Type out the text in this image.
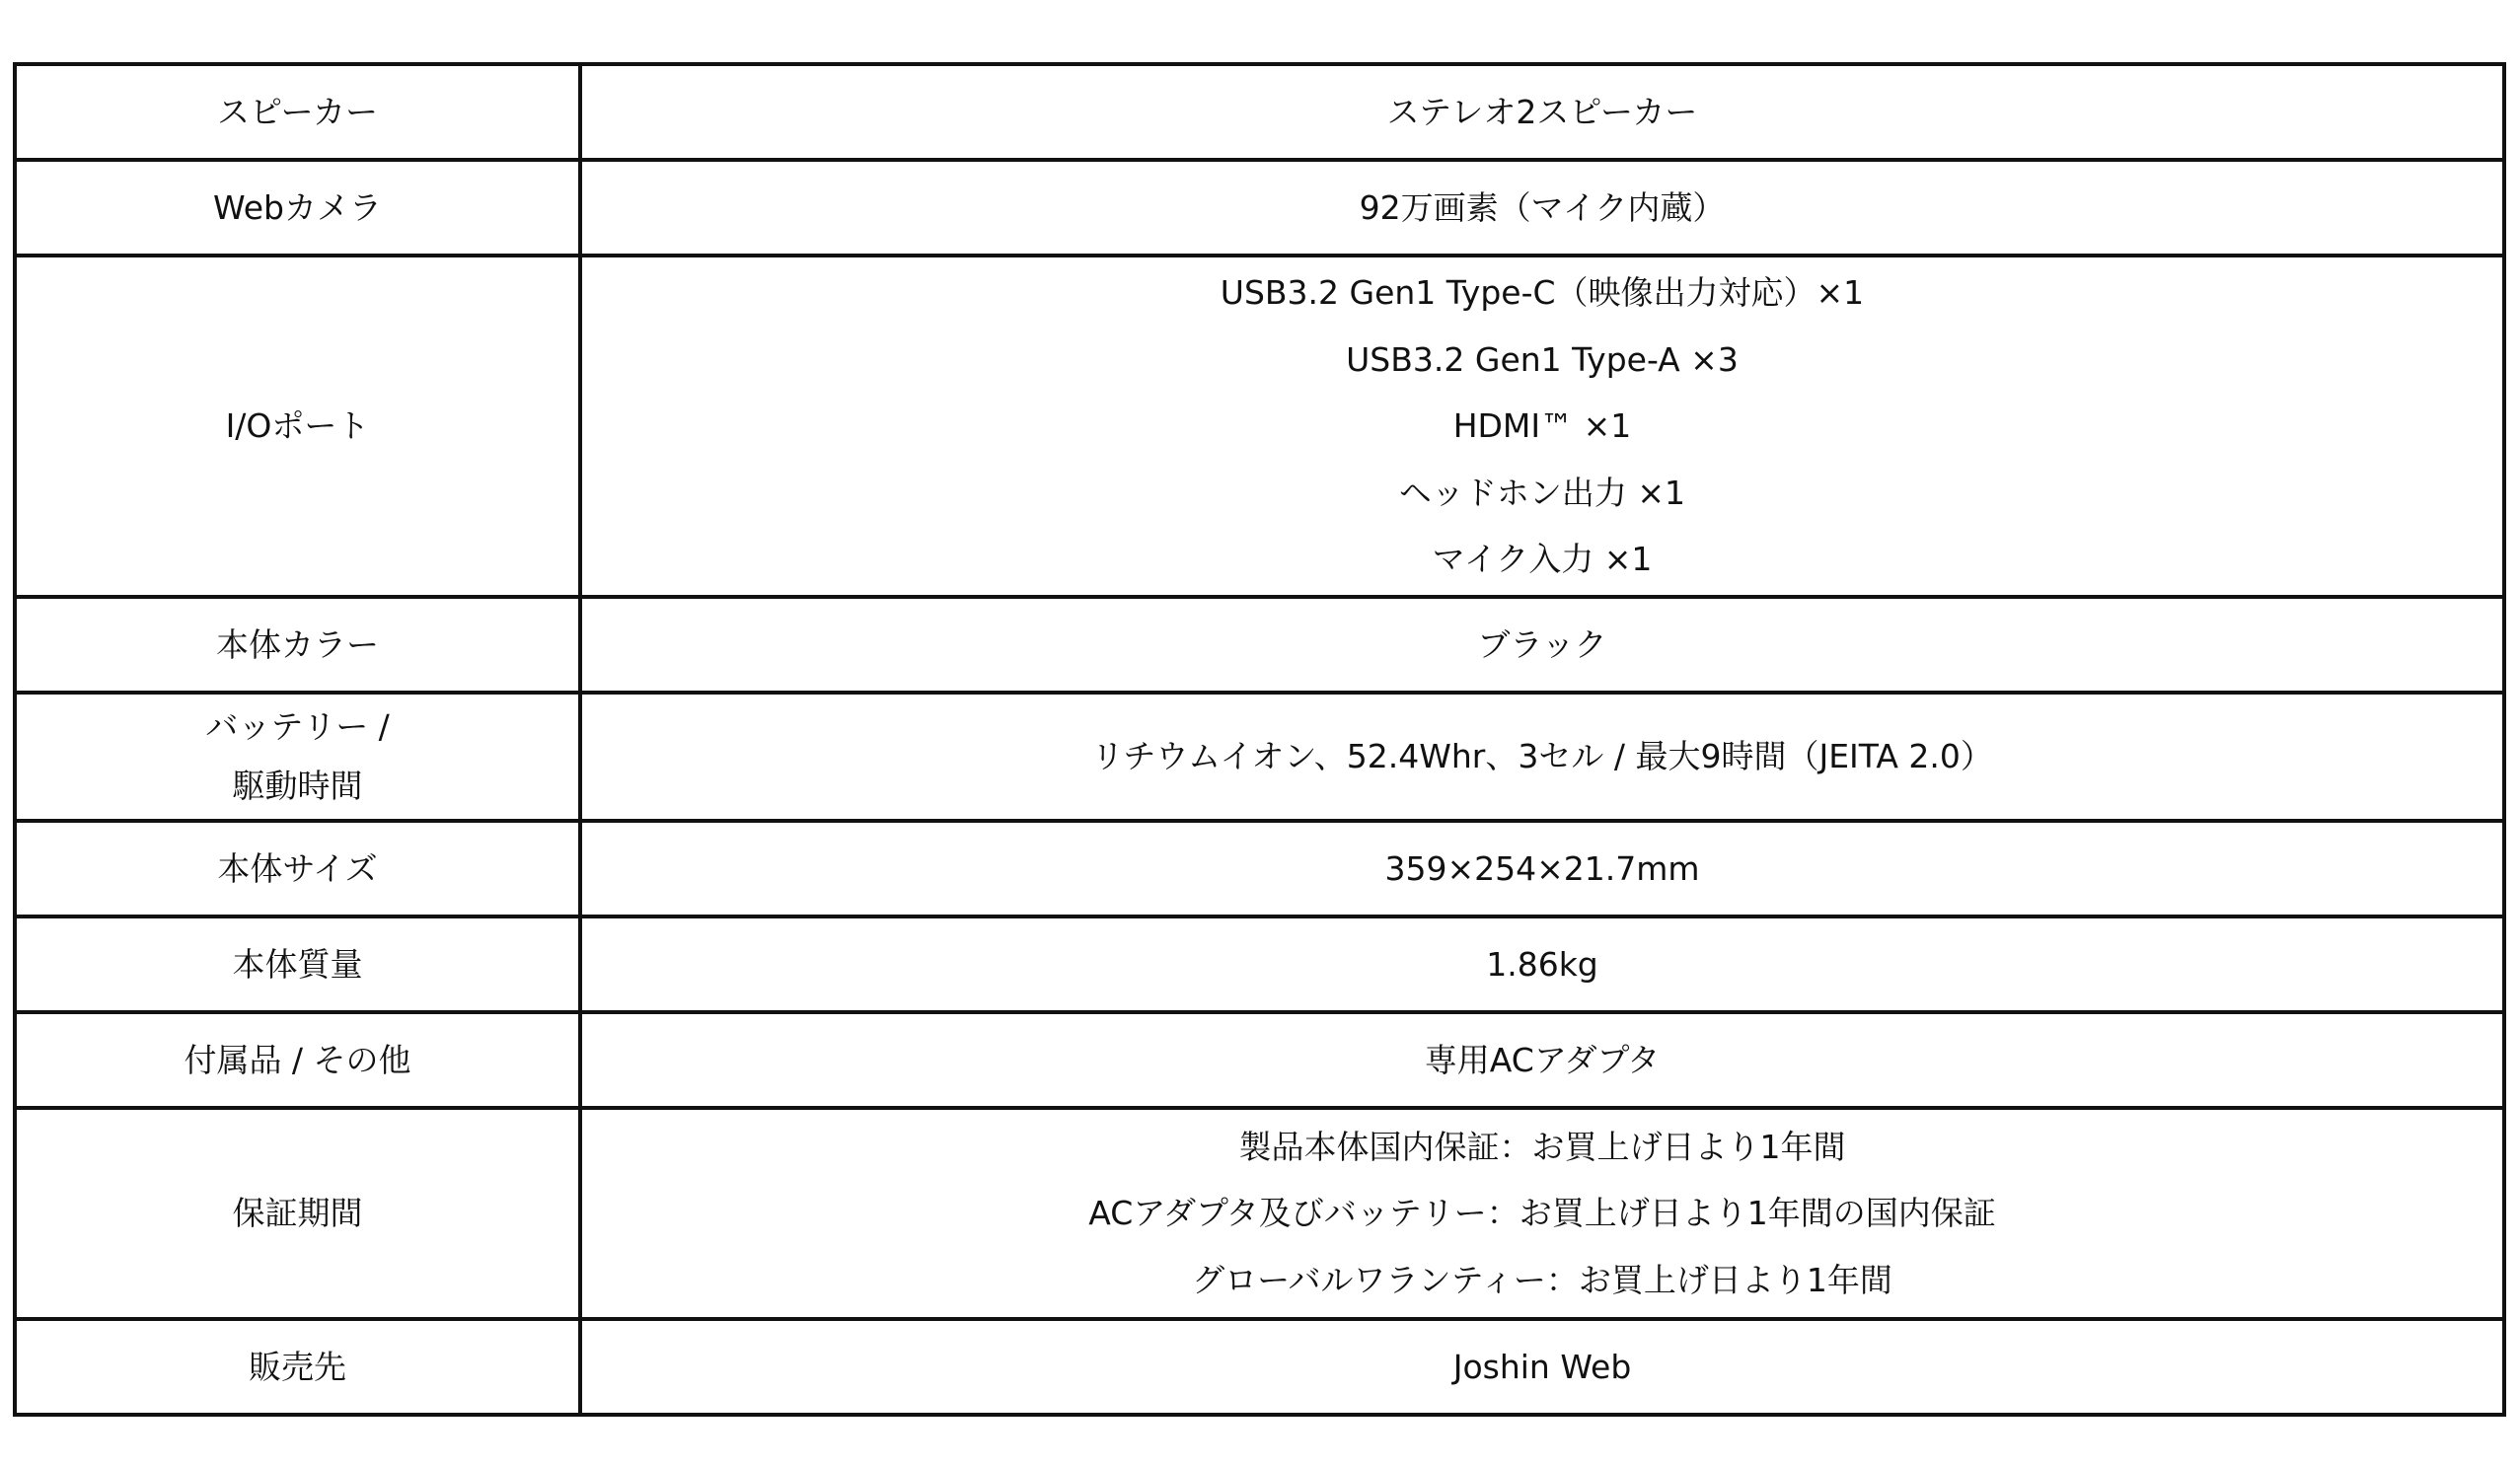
スピーカー	ステレオ2スピーカー

Webカメラ	92万画素（マイク内蔵）

I/Oポート	USB3.2 Gen1 Type-C（映像出力対応）×1
USB3.2 Gen1 Type-A ×3
HDMI™ ×1
ヘッドホン出力 ×1
マイク入力 ×1

本体カラー	ブラック

バッテリー /
駆動時間	リチウムイオン、52.4Whr、3セル / 最大9時間（JEITA 2.0）

本体サイズ	359×254×21.7mm

本体質量	1.86kg

付属品 / その他	専用ACアダプタ

保証期間	製品本体国内保証：お買上げ日より1年間
ACアダプタ及びバッテリー：お買上げ日より1年間の国内保証
グローバルワランティー：お買上げ日より1年間

販売先	Joshin Web
